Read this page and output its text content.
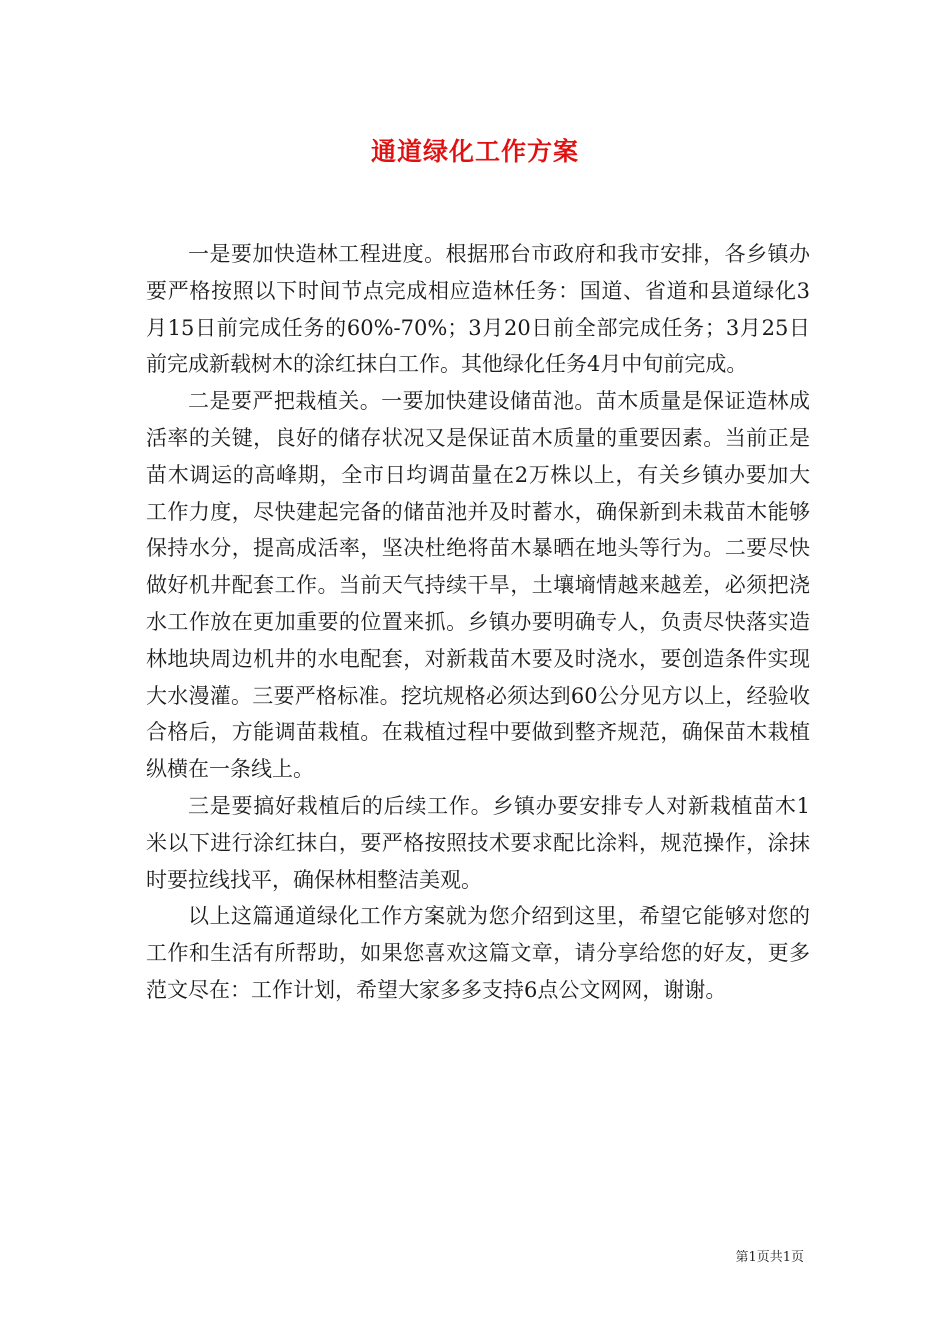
通道绿化工作方案

一是要加快造林工程进度。根据邢台市政府和我市安排，各乡镇办要严格按照以下时间节点完成相应造林任务：国道、省道和县道绿化3月15日前完成任务的60%-70%；3月20日前全部完成任务；3月25日前完成新载树木的涂红抹白工作。其他绿化任务4月中旬前完成。

二是要严把栽植关。一要加快建设储苗池。苗木质量是保证造林成活率的关键，良好的储存状况又是保证苗木质量的重要因素。当前正是苗木调运的高峰期，全市日均调苗量在2万株以上，有关乡镇办要加大工作力度，尽快建起完备的储苗池并及时蓄水，确保新到未栽苗木能够保持水分，提高成活率，坚决杜绝将苗木暴晒在地头等行为。二要尽快做好机井配套工作。当前天气持续干旱，土壤墒情越来越差，必须把浇水工作放在更加重要的位置来抓。乡镇办要明确专人，负责尽快落实造林地块周边机井的水电配套，对新栽苗木要及时浇水，要创造条件实现大水漫灌。三要严格标准。挖坑规格必须达到60公分见方以上，经验收合格后，方能调苗栽植。在栽植过程中要做到整齐规范，确保苗木栽植纵横在一条线上。

三是要搞好栽植后的后续工作。乡镇办要安排专人对新栽植苗木1米以下进行涂红抹白，要严格按照技术要求配比涂料，规范操作，涂抹时要拉线找平，确保林相整洁美观。

以上这篇通道绿化工作方案就为您介绍到这里，希望它能够对您的工作和生活有所帮助，如果您喜欢这篇文章，请分享给您的好友，更多范文尽在：工作计划，希望大家多多支持6点公文网网，谢谢。

第1页共1页
